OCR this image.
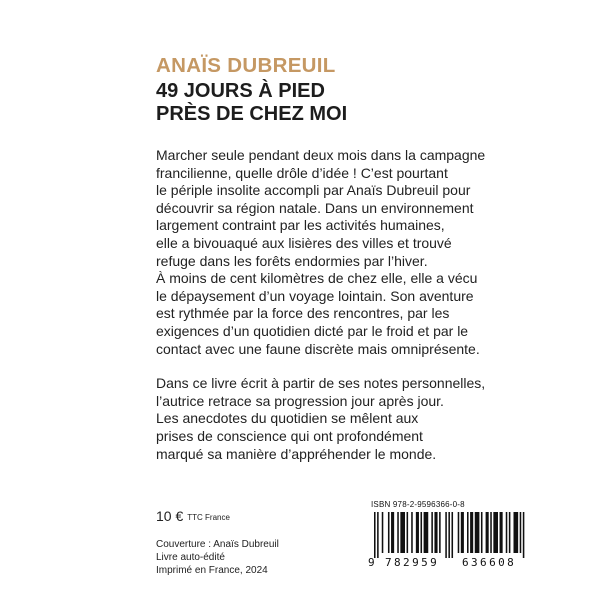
ANAÏS DUBREUIL
49 JOURS À PIED
PRÈS DE CHEZ MOI
Marcher seule pendant deux mois dans la campagne
francilienne, quelle drôle d’idée ! C’est pourtant
le périple insolite accompli par Anaïs Dubreuil pour
découvrir sa région natale. Dans un environnement
largement contraint par les activités humaines,
elle a bivouaqué aux lisières des villes et trouvé
refuge dans les forêts endormies par l’hiver.
À moins de cent kilomètres de chez elle, elle a vécu
le dépaysement d’un voyage lointain. Son aventure
est rythmée par la force des rencontres, par les
exigences d’un quotidien dicté par le froid et par le
contact avec une faune discrète mais omniprésente.
Dans ce livre écrit à partir de ses notes personnelles,
l’autrice retrace sa progression jour après jour.
Les anecdotes du quotidien se mêlent aux
prises de conscience qui ont profondément
marqué sa manière d’appréhender le monde.
10 € TTC France
Couverture : Anaïs Dubreuil
Livre auto-édité
Imprimé en France, 2024
ISBN 978-2-9596366-0-8
9 782959 636608
